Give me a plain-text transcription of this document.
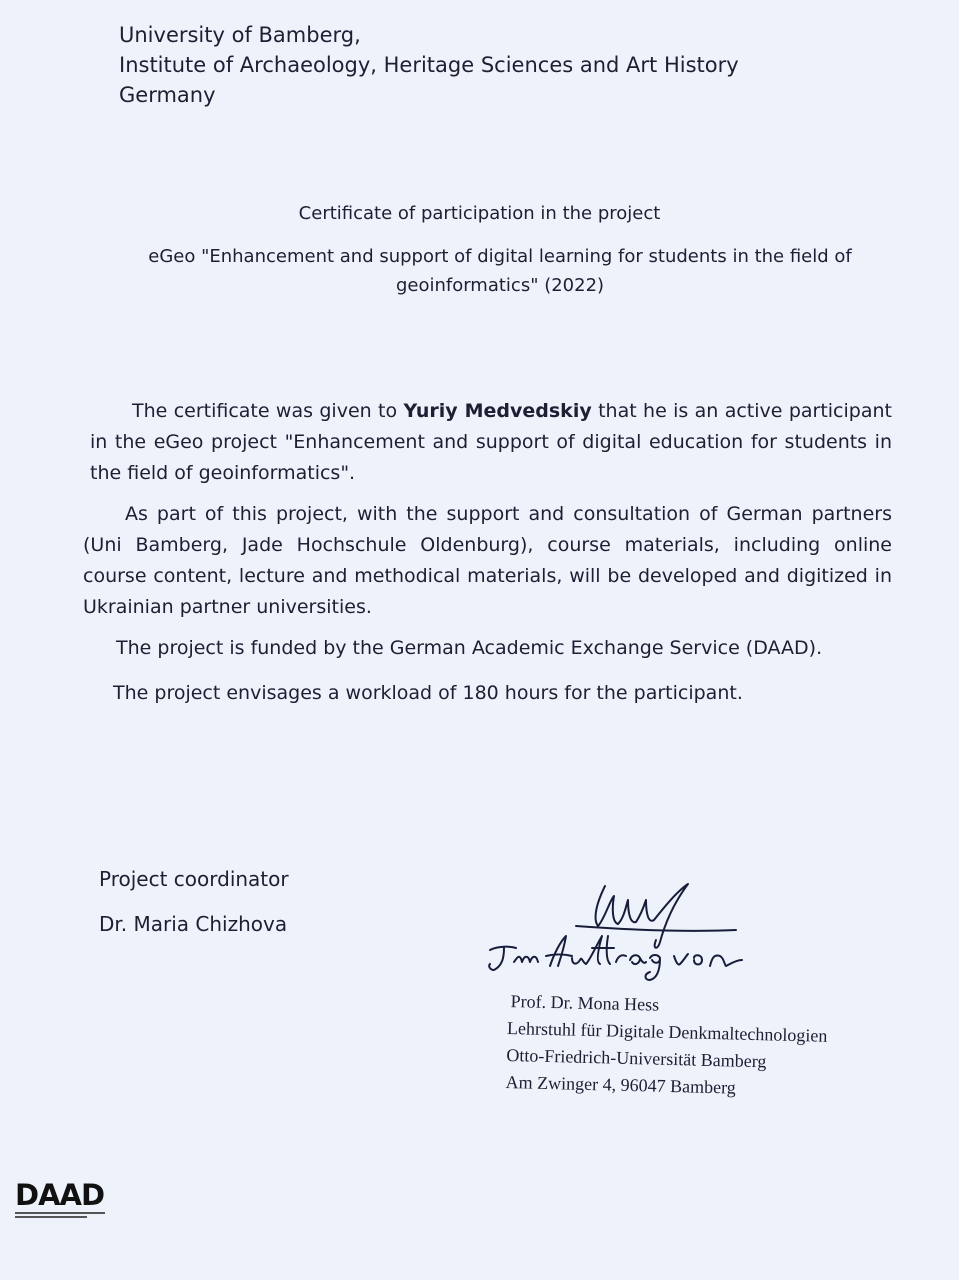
University of Bamberg,
Institute of Archaeology, Heritage Sciences and Art History
Germany
Certificate of participation in the project
eGeo "Enhancement and support of digital learning for students in the field of geoinformatics" (2022)
The certificate was given to Yuriy Medvedskiy that he is an active participant in the eGeo project "Enhancement and support of digital education for students in the field of geoinformatics".
As part of this project, with the support and consultation of German partners (Uni Bamberg, Jade Hochschule Oldenburg), course materials, including online course content, lecture and methodical materials, will be developed and digitized in Ukrainian partner universities.
The project is funded by the German Academic Exchange Service (DAAD).
The project envisages a workload of 180 hours for the participant.
Project coordinator
Dr. Maria Chizhova
Prof. Dr. Mona Hess
Lehrstuhl für Digitale Denkmaltechnologien
Otto-Friedrich-Universität Bamberg
Am Zwinger 4, 96047 Bamberg
DAAD
